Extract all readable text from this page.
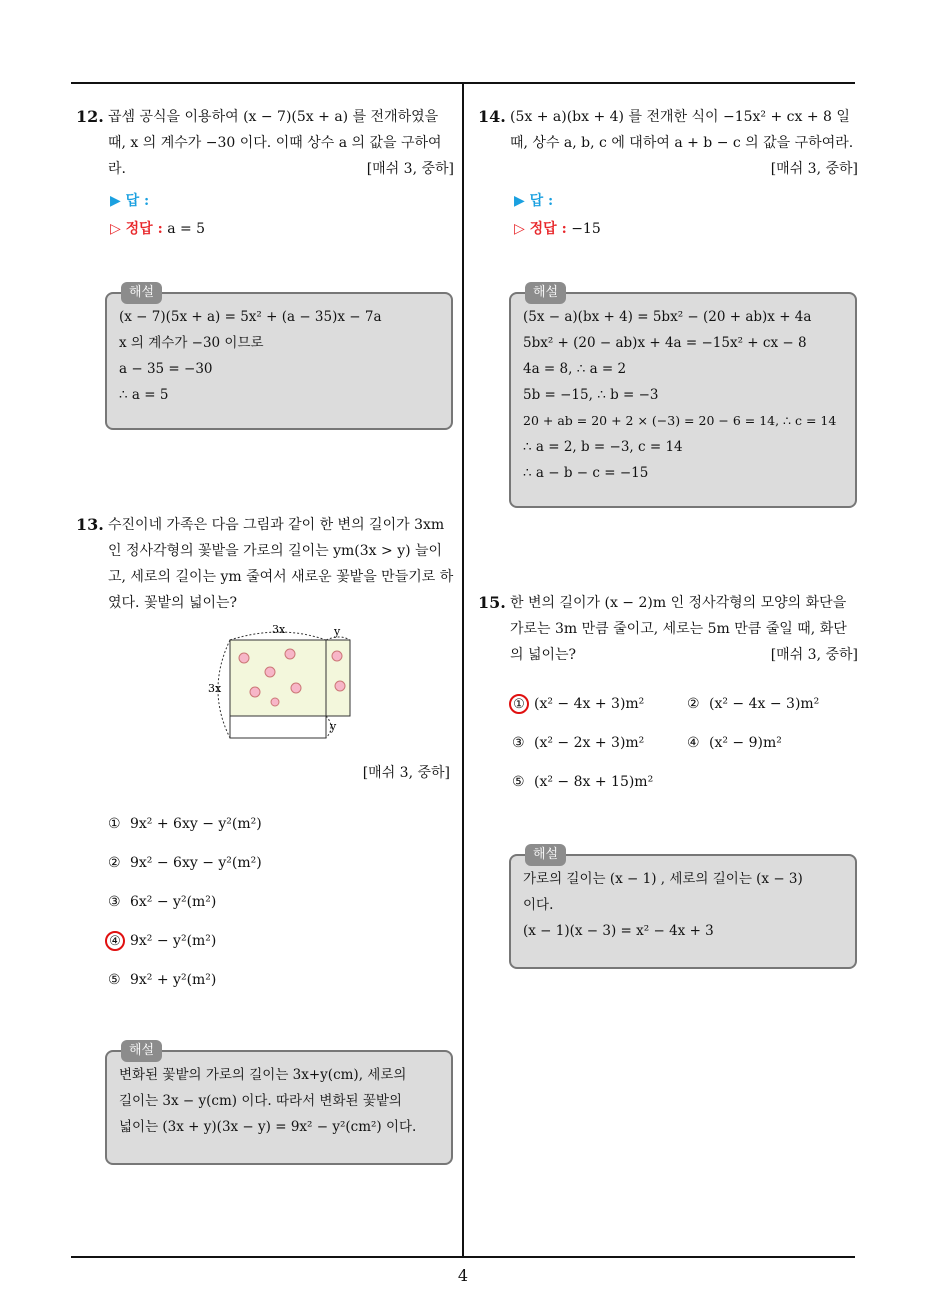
12. 곱셈 공식을 이용하여 (x − 7)(5x + a) 를 전개하였을 때, x 의 계수가 −30 이다. 이때 상수 a 의 값을 구하여라.	[매쉬 3, 중하]
▶ 답 :
▷ 정답 : a = 5
해설
(x − 7)(5x + a) = 5x² + (a − 35)x − 7a
x 의 계수가 −30 이므로
a − 35 = −30
∴ a = 5
13. 수진이네 가족은 다음 그림과 같이 한 변의 길이가 3xm 인 정사각형의 꽃밭을 가로의 길이는 ym(3x > y) 늘이고, 세로의 길이는 ym 줄여서 새로운 꽃밭을 만들기로 하였다. 꽃밭의 넓이는?
3x	y
3x
y
[매쉬 3, 중하]
① 9x² + 6xy − y²(m²)
② 9x² − 6xy − y²(m²)
③ 6x² − y²(m²)
④ 9x² − y²(m²)
⑤ 9x² + y²(m²)
해설
변화된 꽃밭의 가로의 길이는 3x+y(cm), 세로의
길이는 3x − y(cm) 이다. 따라서 변화된 꽃밭의
넓이는 (3x + y)(3x − y) = 9x² − y²(cm²) 이다.
14. (5x + a)(bx + 4) 를 전개한 식이 −15x² + cx + 8 일 때, 상수 a, b, c 에 대하여 a + b − c 의 값을 구하여라.
[매쉬 3, 중하]
▶ 답 :
▷ 정답 : −15
해설
(5x − a)(bx + 4) = 5bx² − (20 + ab)x + 4a
5bx² + (20 − ab)x + 4a = −15x² + cx − 8
4a = 8, ∴ a = 2
5b = −15, ∴ b = −3
20 + ab = 20 + 2 × (−3) = 20 − 6 = 14, ∴ c = 14
∴ a = 2, b = −3, c = 14
∴ a − b − c = −15
15. 한 변의 길이가 (x − 2)m 인 정사각형의 모양의 화단을 가로는 3m 만큼 줄이고, 세로는 5m 만큼 줄일 때, 화단의 넓이는?	[매쉬 3, 중하]
① (x² − 4x + 3)m²	② (x² − 4x − 3)m²
③ (x² − 2x + 3)m²	④ (x² − 9)m²
⑤ (x² − 8x + 15)m²
해설
가로의 길이는 (x − 1) , 세로의 길이는 (x − 3)
이다.
(x − 1)(x − 3) = x² − 4x + 3
4
